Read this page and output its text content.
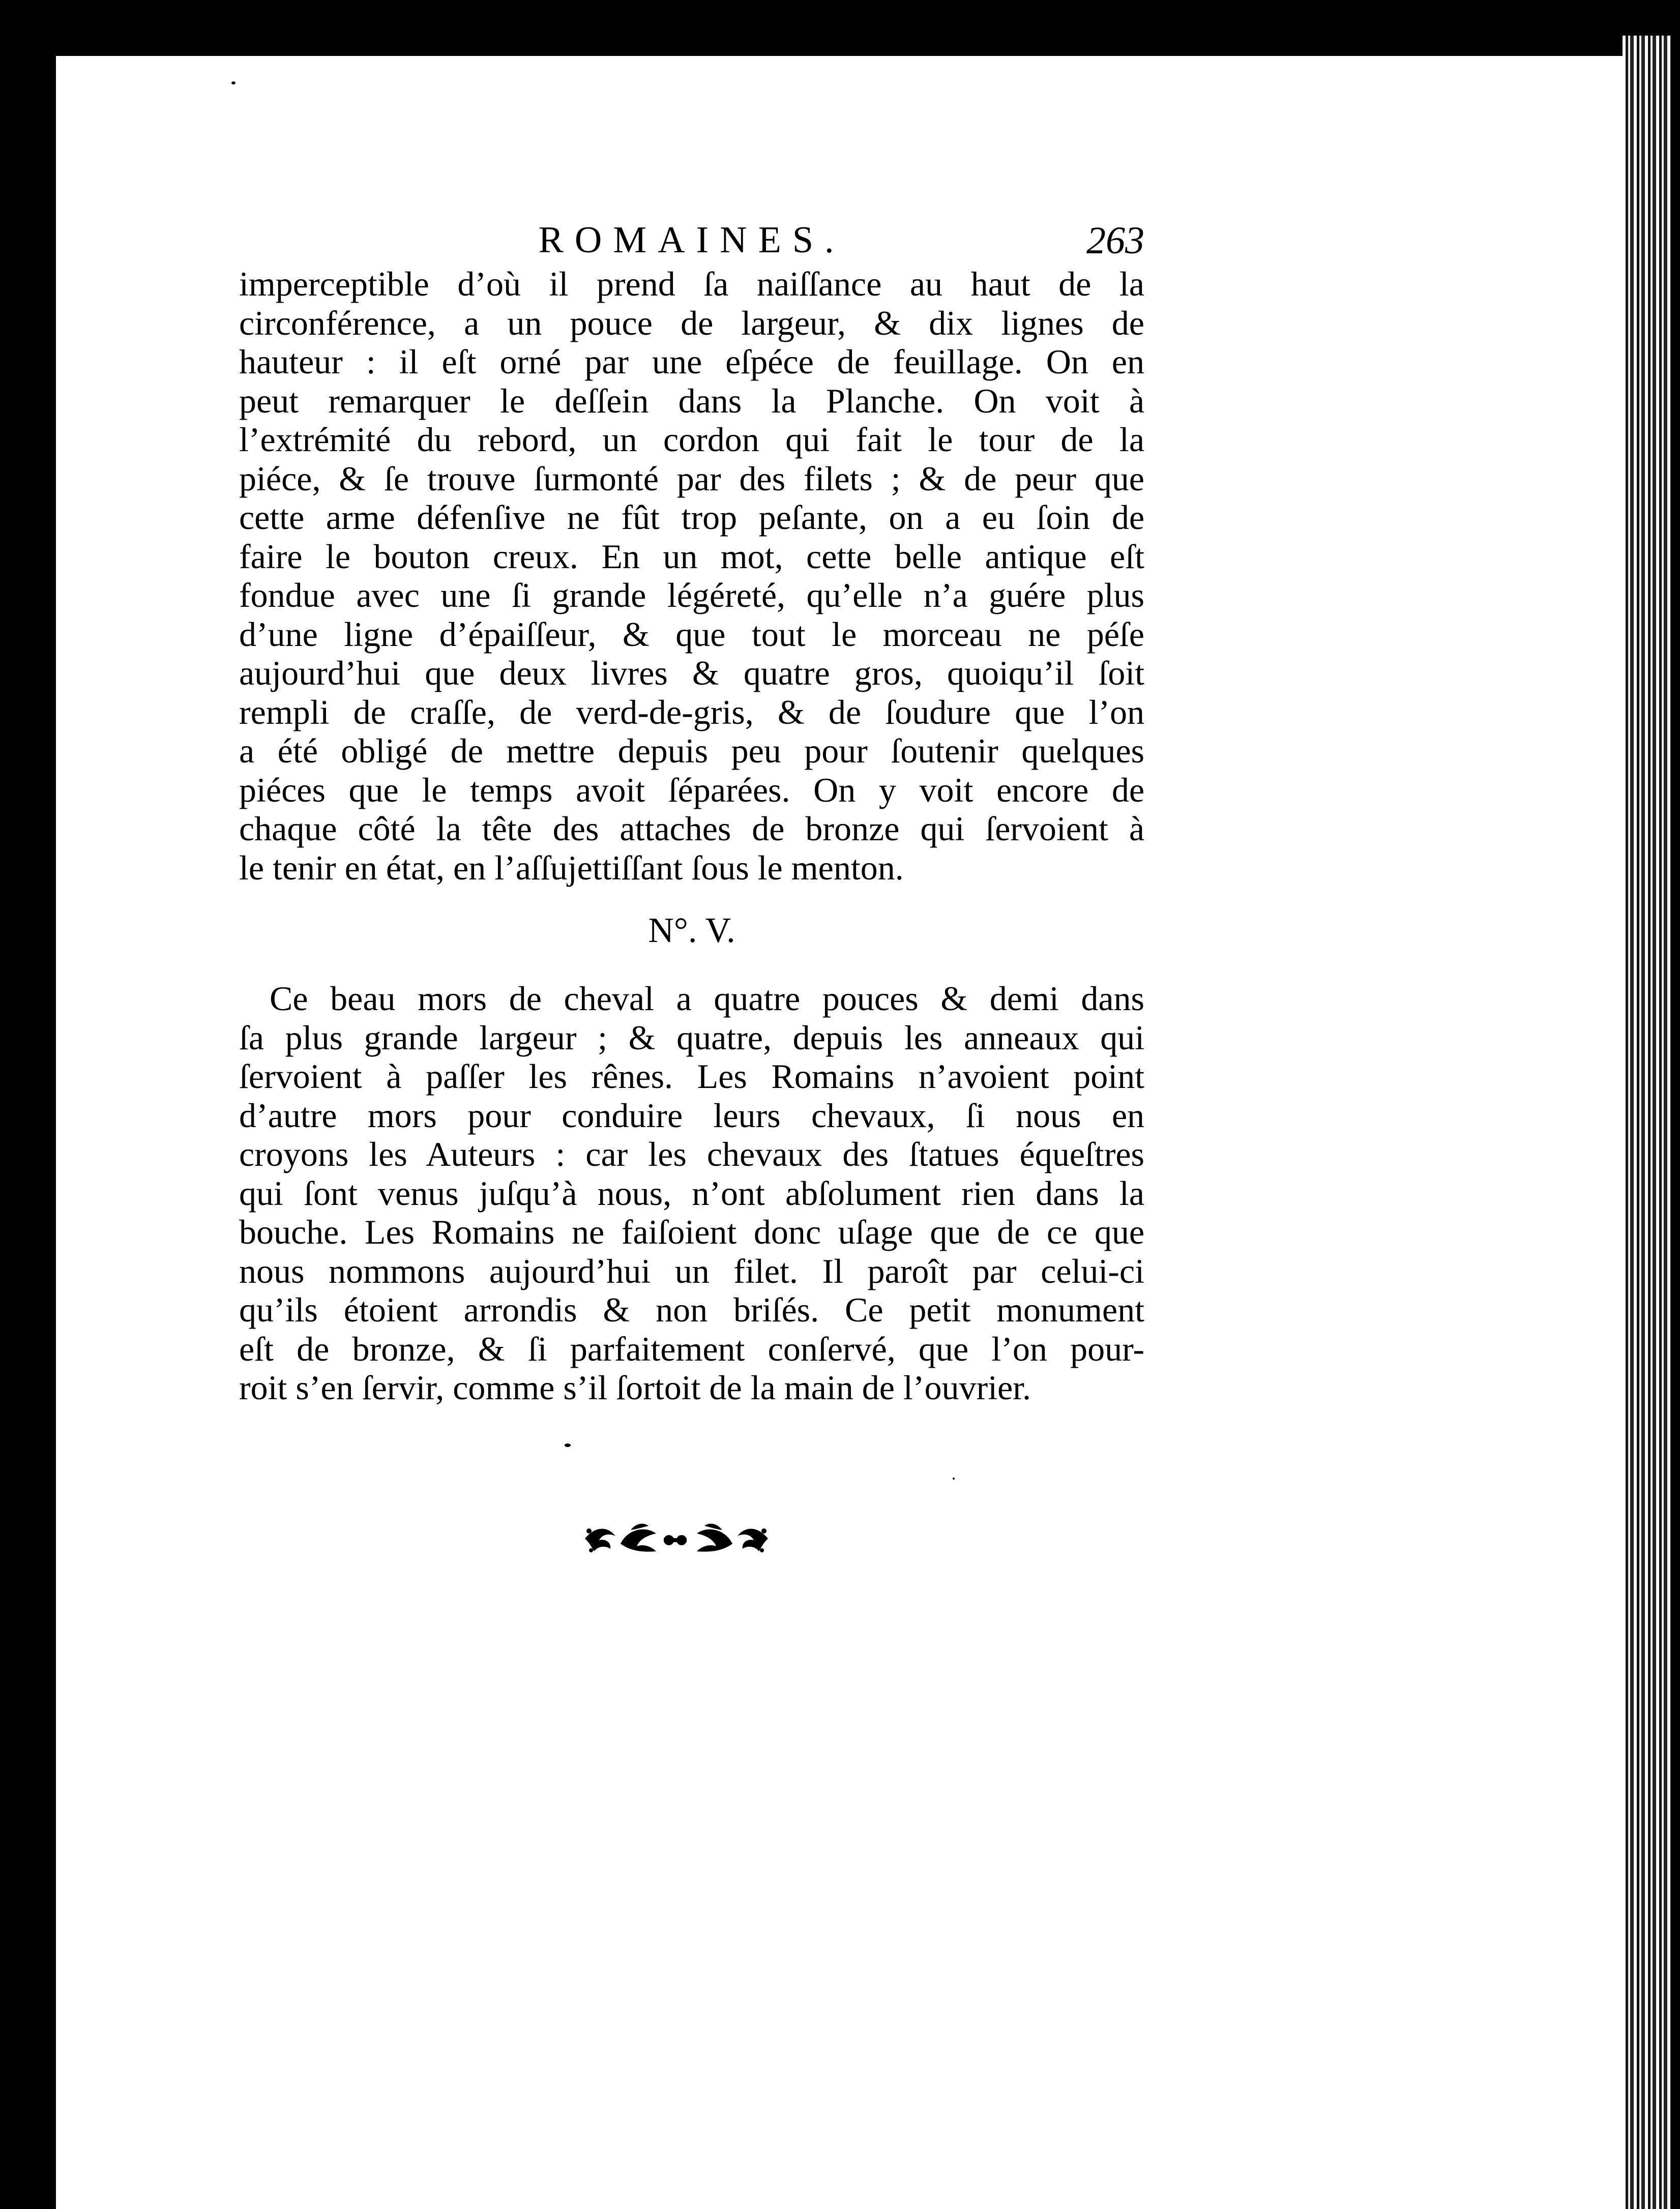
ROMAINES.	263
imperceptible d’où il prend ſa naiſſance au haut de la
circonférence, a un pouce de largeur, & dix lignes de
hauteur : il eſt orné par une eſpéce de feuillage. On en
peut remarquer le deſſein dans la Planche. On voit à
l’extrémité du rebord, un cordon qui fait le tour de la
piéce, & ſe trouve ſurmonté par des filets ; & de peur que
cette arme défenſive ne fût trop peſante, on a eu ſoin de
faire le bouton creux. En un mot, cette belle antique eſt
fondue avec une ſi grande légéreté, qu’elle n’a guére plus
d’une ligne d’épaiſſeur, & que tout le morceau ne péſe
aujourd’hui que deux livres & quatre gros, quoiqu’il ſoit
rempli de craſſe, de verd-de-gris, & de ſoudure que l’on
a été obligé de mettre depuis peu pour ſoutenir quelques
piéces que le temps avoit ſéparées. On y voit encore de
chaque côté la tête des attaches de bronze qui ſervoient à
le tenir en état, en l’aſſujettiſſant ſous le menton.
N°. V.
Ce beau mors de cheval a quatre pouces & demi dans
ſa plus grande largeur ; & quatre, depuis les anneaux qui
ſervoient à paſſer les rênes. Les Romains n’avoient point
d’autre mors pour conduire leurs chevaux, ſi nous en
croyons les Auteurs : car les chevaux des ſtatues équeſtres
qui ſont venus juſqu’à nous, n’ont abſolument rien dans la
bouche. Les Romains ne faiſoient donc uſage que de ce que
nous nommons aujourd’hui un filet. Il paroît par celui-ci
qu’ils étoient arrondis & non briſés. Ce petit monument
eſt de bronze, & ſi parfaitement conſervé, que l’on pour-
roit s’en ſervir, comme s’il ſortoit de la main de l’ouvrier.
